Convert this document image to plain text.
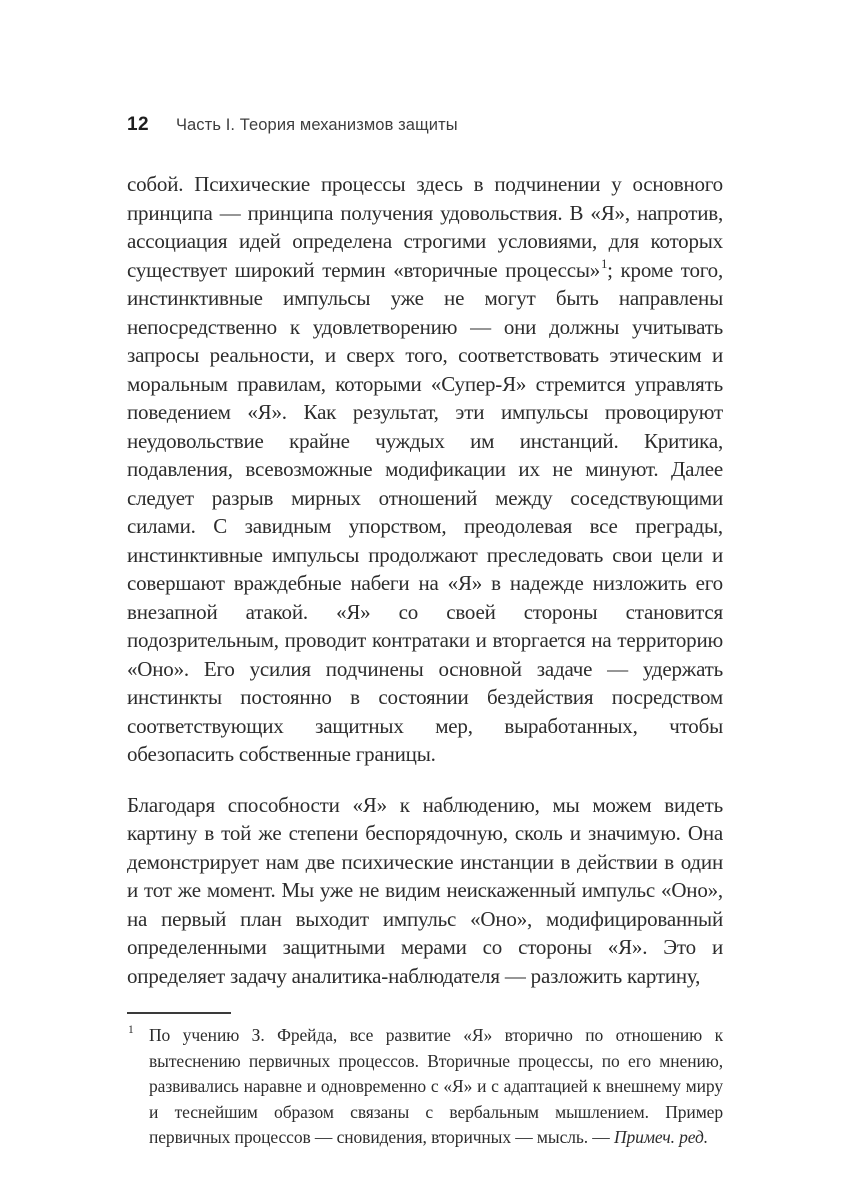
12 Часть I. Теория механизмов защиты

собой. Психические процессы здесь в подчинении у основного принципа — принципа получения удовольствия. В «Я», напротив, ассоциация идей определена строгими условиями, для которых существует широкий термин «вторичные процессы»$^1$; кроме того, инстинктивные импульсы уже не могут быть направлены непосредственно к удовлетворению — они должны учитывать запросы реальности, и сверх того, соответствовать этическим и моральным правилам, которыми «Супер-Я» стремится управлять поведением «Я». Как результат, эти импульсы провоцируют неудовольствие крайне чуждых им инстанций. Критика, подавления, всевозможные модификации их не минуют. Далее следует разрыв мирных отношений между соседствующими силами. С завидным упорством, преодолевая все преграды, инстинктивные импульсы продолжают преследовать свои цели и совершают враждебные набеги на «Я» в надежде низложить его внезапной атакой. «Я» со своей стороны становится подозрительным, проводит контратаки и вторгается на территорию «Оно». Его усилия подчинены основной задаче — удержать инстинкты постоянно в состоянии бездействия посредством соответствующих защитных мер, выработанных, чтобы обезопасить собственные границы.

Благодаря способности «Я» к наблюдению, мы можем видеть картину в той же степени беспорядочную, сколь и значимую. Она демонстрирует нам две психические инстанции в действии в один и тот же момент. Мы уже не видим неискаженный импульс «Оно», на первый план выходит импульс «Оно», модифицированный определенными защитными мерами со стороны «Я». Это и определяет задачу аналитика-наблюдателя — разложить картину,

1 По учению З. Фрейда, все развитие «Я» вторично по отношению к вытеснению первичных процессов. Вторичные процессы, по его мнению, развивались наравне и одновременно с «Я» и с адаптацией к внешнему миру и теснейшим образом связаны с вербальным мышлением. Пример первичных процессов — сновидения, вторичных — мысль. — Примеч. ред.
